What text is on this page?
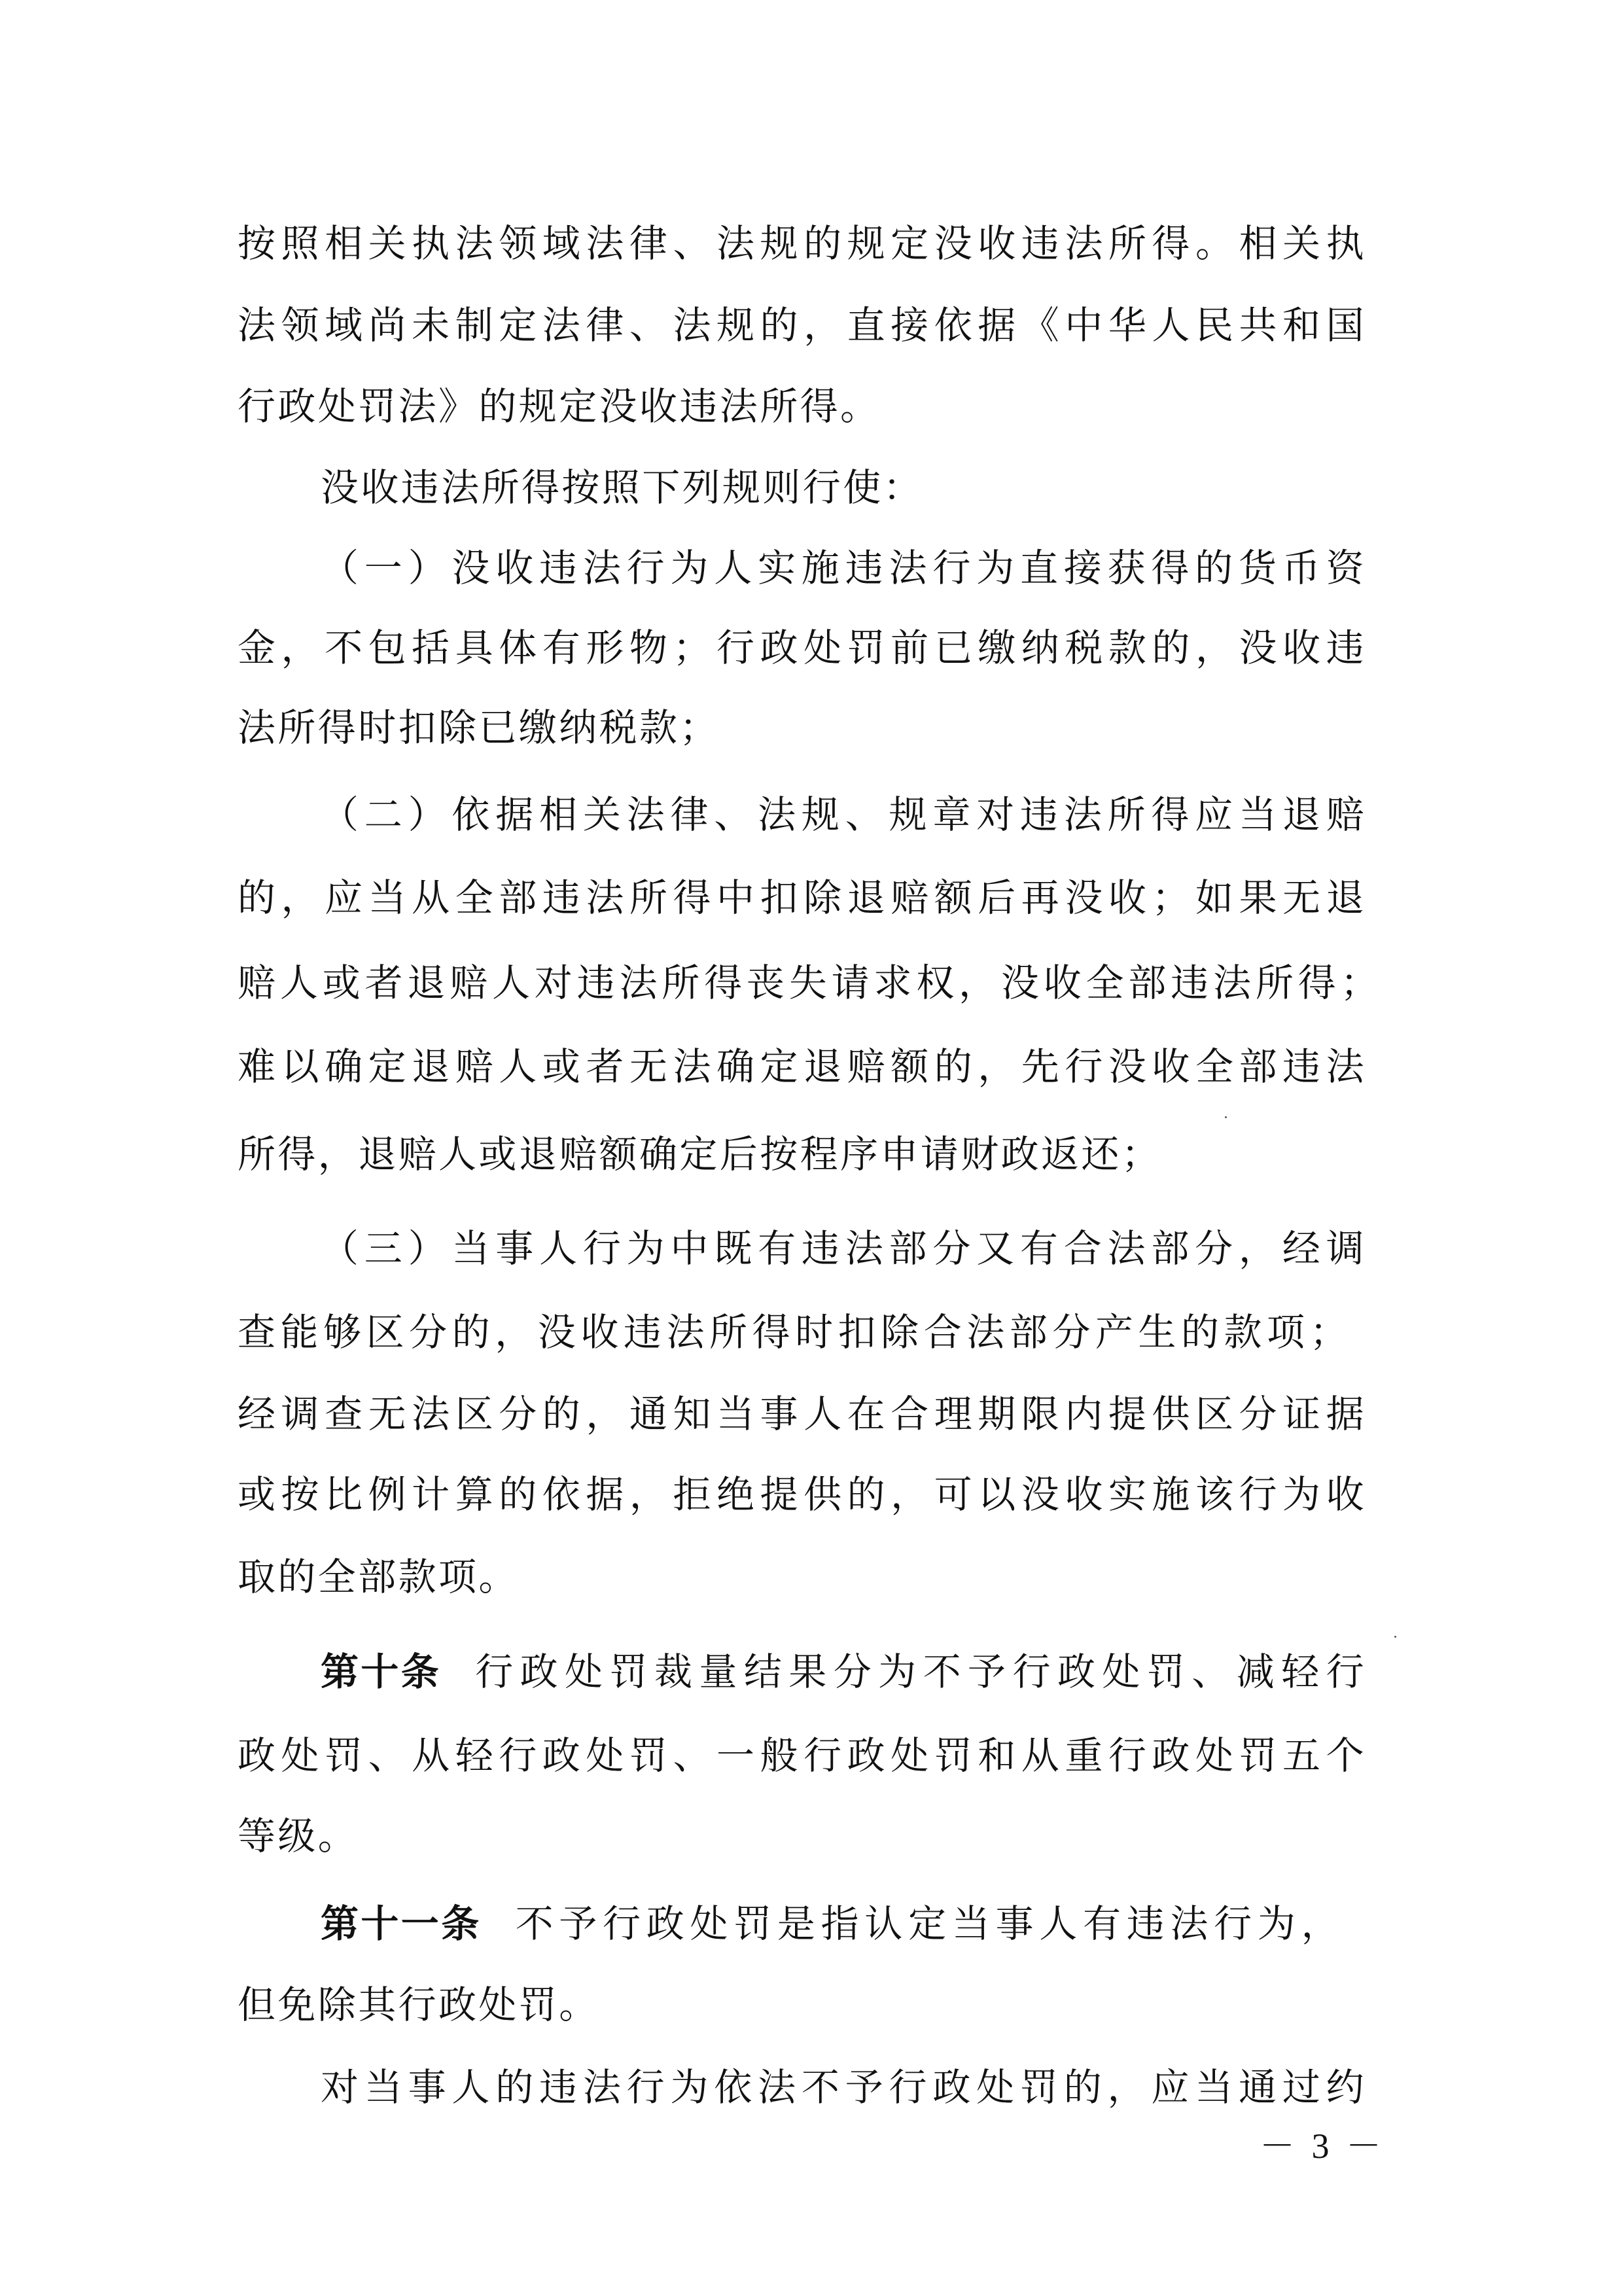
按照相关执法领域法律、法规的规定没收违法所得。相关执
法领域尚未制定法律、法规的，直接依据《中华人民共和国
行政处罚法》的规定没收违法所得。
没收违法所得按照下列规则行使：
（一）没收违法行为人实施违法行为直接获得的货币资
金，不包括具体有形物；行政处罚前已缴纳税款的，没收违
法所得时扣除已缴纳税款；
（二）依据相关法律、法规、规章对违法所得应当退赔
的，应当从全部违法所得中扣除退赔额后再没收；如果无退
赔人或者退赔人对违法所得丧失请求权，没收全部违法所得；
难以确定退赔人或者无法确定退赔额的，先行没收全部违法
所得，退赔人或退赔额确定后按程序申请财政返还；
（三）当事人行为中既有违法部分又有合法部分，经调
查能够区分的，没收违法所得时扣除合法部分产生的款项；
经调查无法区分的，通知当事人在合理期限内提供区分证据
或按比例计算的依据，拒绝提供的，可以没收实施该行为收
取的全部款项。
第十条 行政处罚裁量结果分为不予行政处罚、减轻行
政处罚、从轻行政处罚、一般行政处罚和从重行政处罚五个
等级。
第十一条 不予行政处罚是指认定当事人有违法行为，
但免除其行政处罚。
对当事人的违法行为依法不予行政处罚的，应当通过约
－ 3 －
